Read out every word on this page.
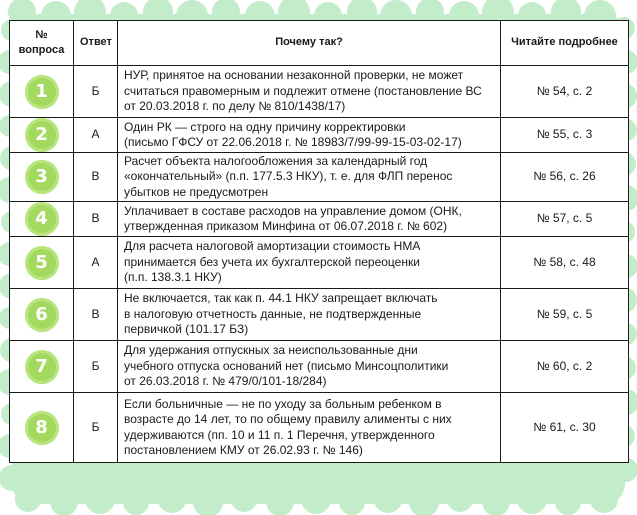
№ вопроса	Ответ	Почему так?	Читайте подробнее
1	Б	НУР, принятое на основании незаконной проверки, не может
считаться правомерным и подлежит отмене (постановление ВС
от 20.03.2018 г. по делу № 810/1438/17)	№ 54, с. 2
2	А	Один РК — строго на одну причину корректировки
(письмо ГФСУ от 22.06.2018 г. № 18983/7/99-99-15-03-02-17)	№ 55, с. 3
3	В	Расчет объекта налогообложения за календарный год
«окончательный» (п.п. 177.5.3 НКУ), т. е. для ФЛП перенос
убытков не предусмотрен	№ 56, с. 26
4	В	Уплачивает в составе расходов на управление домом (ОНК,
утвержденная приказом Минфина от 06.07.2018 г. № 602)	№ 57, с. 5
5	А	Для расчета налоговой амортизации стоимость НМА
принимается без учета их бухгалтерской переоценки
(п.п. 138.3.1 НКУ)	№ 58, с. 48
6	В	Не включается, так как п. 44.1 НКУ запрещает включать
в налоговую отчетность данные, не подтвержденные
первичкой (101.17 БЗ)	№ 59, с. 5
7	Б	Для удержания отпускных за неиспользованные дни
учебного отпуска оснований нет (письмо Минсоцполитики
от 26.03.2018 г. № 479/0/101-18/284)	№ 60, с. 2
8	Б	Если больничные — не по уходу за больным ребенком в
возрасте до 14 лет, то по общему правилу алименты с них
удерживаются (пп. 10 и 11 п. 1 Перечня, утвержденного
постановлением КМУ от 26.02.93 г. № 146)	№ 61, с. 30
